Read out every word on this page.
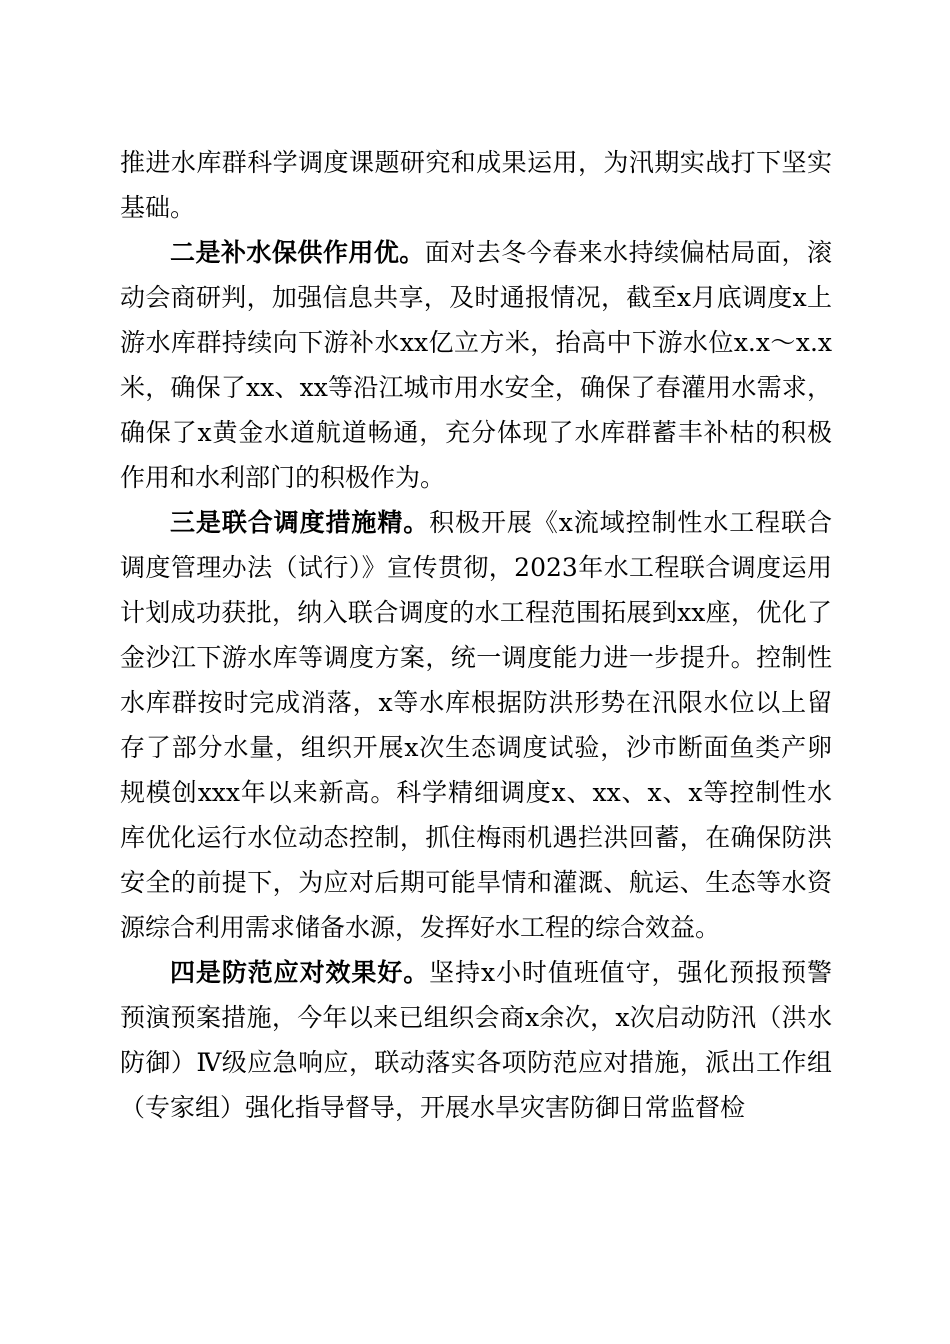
推进水库群科学调度课题研究和成果运用，为汛期实战打下坚实基础。

二是补水保供作用优。面对去冬今春来水持续偏枯局面，滚动会商研判，加强信息共享，及时通报情况，截至x月底调度x上游水库群持续向下游补水xx亿立方米，抬高中下游水位x.x～x.x米，确保了xx、xx等沿江城市用水安全，确保了春灌用水需求，确保了x黄金水道航道畅通，充分体现了水库群蓄丰补枯的积极作用和水利部门的积极作为。

三是联合调度措施精。积极开展《x流域控制性水工程联合调度管理办法（试行）》宣传贯彻，2023年水工程联合调度运用计划成功获批，纳入联合调度的水工程范围拓展到xx座，优化了金沙江下游水库等调度方案，统一调度能力进一步提升。控制性水库群按时完成消落，x等水库根据防洪形势在汛限水位以上留存了部分水量，组织开展x次生态调度试验，沙市断面鱼类产卵规模创xxx年以来新高。科学精细调度x、xx、x、x等控制性水库优化运行水位动态控制，抓住梅雨机遇拦洪回蓄，在确保防洪安全的前提下，为应对后期可能旱情和灌溉、航运、生态等水资源综合利用需求储备水源，发挥好水工程的综合效益。

四是防范应对效果好。坚持x小时值班值守，强化预报预警预演预案措施，今年以来已组织会商x余次，x次启动防汛（洪水防御）Ⅳ级应急响应，联动落实各项防范应对措施，派出工作组（专家组）强化指导督导，开展水旱灾害防御日常监督检
